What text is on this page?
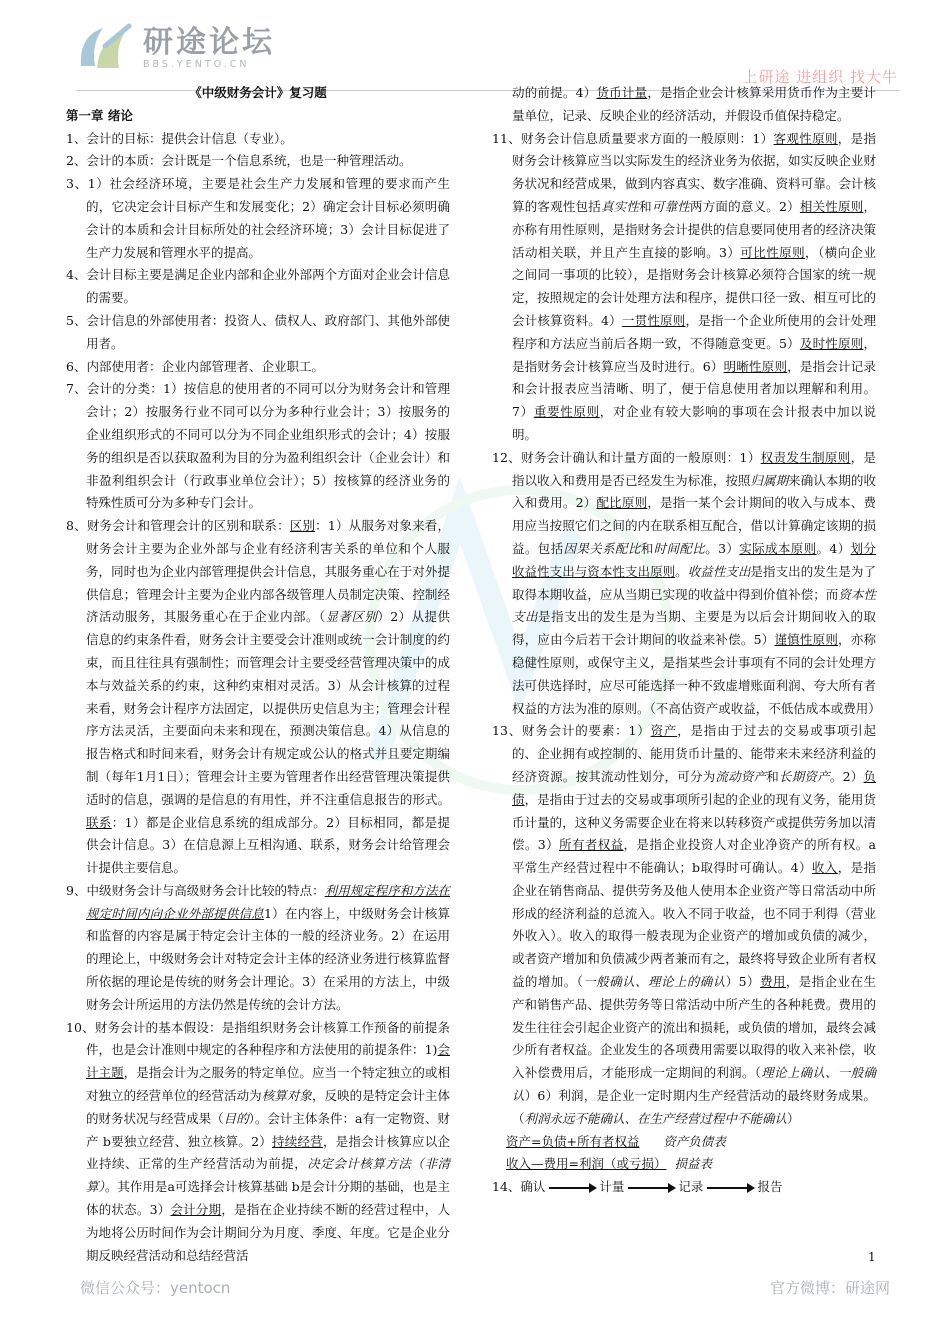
研途论坛
BBS.YENTO.CN
上研途 进组织 找大牛
《中级财务会计》复习题
第一章 绪论
1、会计的目标：提供会计信息（专业）。
2、会计的本质：会计既是一个信息系统，也是一种管理活动。
3、1）社会经济环境，主要是社会生产力发展和管理的要求而产生的，它决定会计目标产生和发展变化；2）确定会计目标必须明确会计的本质和会计目标所处的社会经济环境；3）会计目标促进了生产力发展和管理水平的提高。
4、会计目标主要是满足企业内部和企业外部两个方面对企业会计信息的需要。
5、会计信息的外部使用者：投资人、债权人、政府部门、其他外部使用者。
6、内部使用者：企业内部管理者、企业职工。
7、会计的分类：1）按信息的使用者的不同可以分为财务会计和管理会计；2）按服务行业不同可以分为多种行业会计；3）按服务的企业组织形式的不同可以分为不同企业组织形式的会计；4）按服务的组织是否以获取盈利为目的分为盈利组织会计（企业会计）和非盈利组织会计（行政事业单位会计）；5）按核算的经济业务的特殊性质可分为多种专门会计。
8、财务会计和管理会计的区别和联系：区别：1）从服务对象来看，财务会计主要为企业外部与企业有经济利害关系的单位和个人服务，同时也为企业内部管理提供会计信息，其服务重心在于对外提供信息；管理会计主要为企业内部各级管理人员制定决策、控制经济活动服务，其服务重心在于企业内部。（显著区别）2）从提供信息的约束条件看，财务会计主要受会计准则或统一会计制度的约束，而且往往具有强制性；而管理会计主要受经营管理决策中的成本与效益关系的约束，这种约束相对灵活。3）从会计核算的过程来看，财务会计程序方法固定，以提供历史信息为主；管理会计程序方法灵活，主要面向未来和现在，预测决策信息。4）从信息的报告格式和时间来看，财务会计有规定或公认的格式并且要定期编制（每年1月1日）；管理会计主要为管理者作出经营管理决策提供适时的信息，强调的是信息的有用性，并不注重信息报告的形式。联系：1）都是企业信息系统的组成部分。2）目标相同，都是提供会计信息。3）在信息源上互相沟通、联系，财务会计给管理会计提供主要信息。
9、中级财务会计与高级财务会计比较的特点：利用规定程序和方法在规定时间内向企业外部提供信息1）在内容上，中级财务会计核算和监督的内容是属于特定会计主体的一般的经济业务。2）在运用的理论上，中级财务会计对特定会计主体的经济业务进行核算监督所依据的理论是传统的财务会计理论。3）在采用的方法上，中级财务会计所运用的方法仍然是传统的会计方法。
10、财务会计的基本假设：是指组织财务会计核算工作预备的前提条件，也是会计准则中规定的各种程序和方法使用的前提条件：1)会计主题，是指会计为之服务的特定单位。应当一个特定独立的或相对独立的经营单位的经营活动为核算对象，反映的是特定会计主体的财务状况与经营成果（目的）。会计主体条件：a有一定物资、财产 b要独立经营、独立核算。2）持续经营，是指会计核算应以企业持续、正常的生产经营活动为前提，决定会计核算方法（非清算）。其作用是a可选择会计核算基础 b是会计分期的基础，也是主体的状态。3）会计分期，是指在企业持续不断的经营过程中，人为地将公历时间作为会计期间分为月度、季度、年度。它是企业分期反映经营活动和总结经营活
动的前提。4）货币计量，是指企业会计核算采用货币作为主要计量单位，记录、反映企业的经济活动，并假设币值保持稳定。
11、财务会计信息质量要求方面的一般原则：1）客观性原则，是指财务会计核算应当以实际发生的经济业务为依据，如实反映企业财务状况和经营成果，做到内容真实、数字准确、资料可靠。会计核算的客观性包括真实性和可靠性两方面的意义。2）相关性原则，亦称有用性原则，是指财务会计提供的信息要同使用者的经济决策活动相关联，并且产生直接的影响。3）可比性原则，（横向企业之间同一事项的比较），是指财务会计核算必须符合国家的统一规定，按照规定的会计处理方法和程序，提供口径一致、相互可比的会计核算资料。4）一贯性原则，是指一个企业所使用的会计处理程序和方法应当前后各期一致，不得随意变更。5）及时性原则，是指财务会计核算应当及时进行。6）明晰性原则，是指会计记录和会计报表应当清晰、明了，便于信息使用者加以理解和利用。7）重要性原则，对企业有较大影响的事项在会计报表中加以说明。
12、财务会计确认和计量方面的一般原则：1）权责发生制原则，是指以收入和费用是否已经发生为标准，按照归属期来确认本期的收入和费用。2）配比原则，是指一某个会计期间的收入与成本、费用应当按照它们之间的内在联系相互配合，借以计算确定该期的损益。包括因果关系配比和时间配比。3）实际成本原则。4）划分收益性支出与资本性支出原则。收益性支出是指支出的发生是为了取得本期收益，应从当期已实现的收益中得到价值补偿；而资本性支出是指支出的发生是为当期、主要是为以后会计期间收入的取得，应由今后若干会计期间的收益来补偿。5）谨慎性原则，亦称稳健性原则，或保守主义，是指某些会计事项有不同的会计处理方法可供选择时，应尽可能选择一种不致虚增账面利润、夸大所有者权益的方法为准的原则。（不高估资产或收益，不低估成本或费用）
13、财务会计的要素：1）资产，是指由于过去的交易或事项引起的、企业拥有或控制的、能用货币计量的、能带来未来经济利益的经济资源。按其流动性划分，可分为流动资产和长期资产。2）负债，是指由于过去的交易或事项所引起的企业的现有义务，能用货币计量的，这种义务需要企业在将来以转移资产或提供劳务加以清偿。3）所有者权益，是指企业投资人对企业净资产的所有权。a平常生产经营过程中不能确认；b取得时可确认。4）收入，是指企业在销售商品、提供劳务及他人使用本企业资产等日常活动中所形成的经济利益的总流入。收入不同于收益，也不同于利得（营业外收入）。收入的取得一般表现为企业资产的增加或负债的减少，或者资产增加和负债减少两者兼而有之，最终将导致企业所有者权益的增加。（一般确认、理论上的确认）5）费用，是指企业在生产和销售产品、提供劳务等日常活动中所产生的各种耗费。费用的发生往往会引起企业资产的流出和损耗，或负债的增加，最终会减少所有者权益。企业发生的各项费用需要以取得的收入来补偿，收入补偿费用后，才能形成一定期间的利润。（理论上确认、一般确认）6）利润，是企业一定时期内生产经营活动的最终财务成果。（利润永远不能确认、在生产经营过程中不能确认）
资产=负债+所有者权益 资产负债表
收入—费用=利润（或亏损） 损益表
14、确认	计量	记录	报告
1
微信公众号：yentocn	官方微博：研途网
